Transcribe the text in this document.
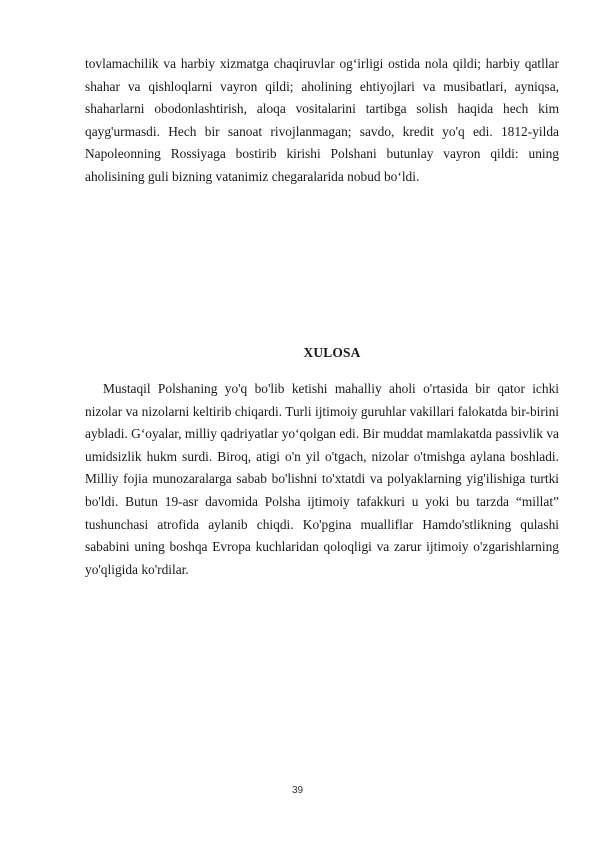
tovlamachilik va harbiy xizmatga chaqiruvlar og‘irligi ostida nola qildi; harbiy qatllar shahar va qishloqlarni vayron qildi; aholining ehtiyojlari va musibatlari, ayniqsa, shaharlarni obodonlashtirish, aloqa vositalarini tartibga solish haqida hech kim qayg'urmasdi. Hech bir sanoat rivojlanmagan; savdo, kredit yo'q edi. 1812-yilda Napoleonning Rossiyaga bostirib kirishi Polshani butunlay vayron qildi: uning aholisining guli bizning vatanimiz chegaralarida nobud bo‘ldi.

XULOSA

Mustaqil Polshaning yo'q bo'lib ketishi mahalliy aholi o'rtasida bir qator ichki nizolar va nizolarni keltirib chiqardi. Turli ijtimoiy guruhlar vakillari falokatda bir-birini aybladi. G‘oyalar, milliy qadriyatlar yo‘qolgan edi. Bir muddat mamlakatda passivlik va umidsizlik hukm surdi. Biroq, atigi o'n yil o'tgach, nizolar o'tmishga aylana boshladi. Milliy fojia munozaralarga sabab bo'lishni to'xtatdi va polyaklarning yig'ilishiga turtki bo'ldi. Butun 19-asr davomida Polsha ijtimoiy tafakkuri u yoki bu tarzda “millat” tushunchasi atrofida aylanib chiqdi. Ko'pgina mualliflar Hamdo'stlikning qulashi sababini uning boshqa Evropa kuchlaridan qoloqligi va zarur ijtimoiy o'zgarishlarning yo'qligida ko'rdilar.

39
